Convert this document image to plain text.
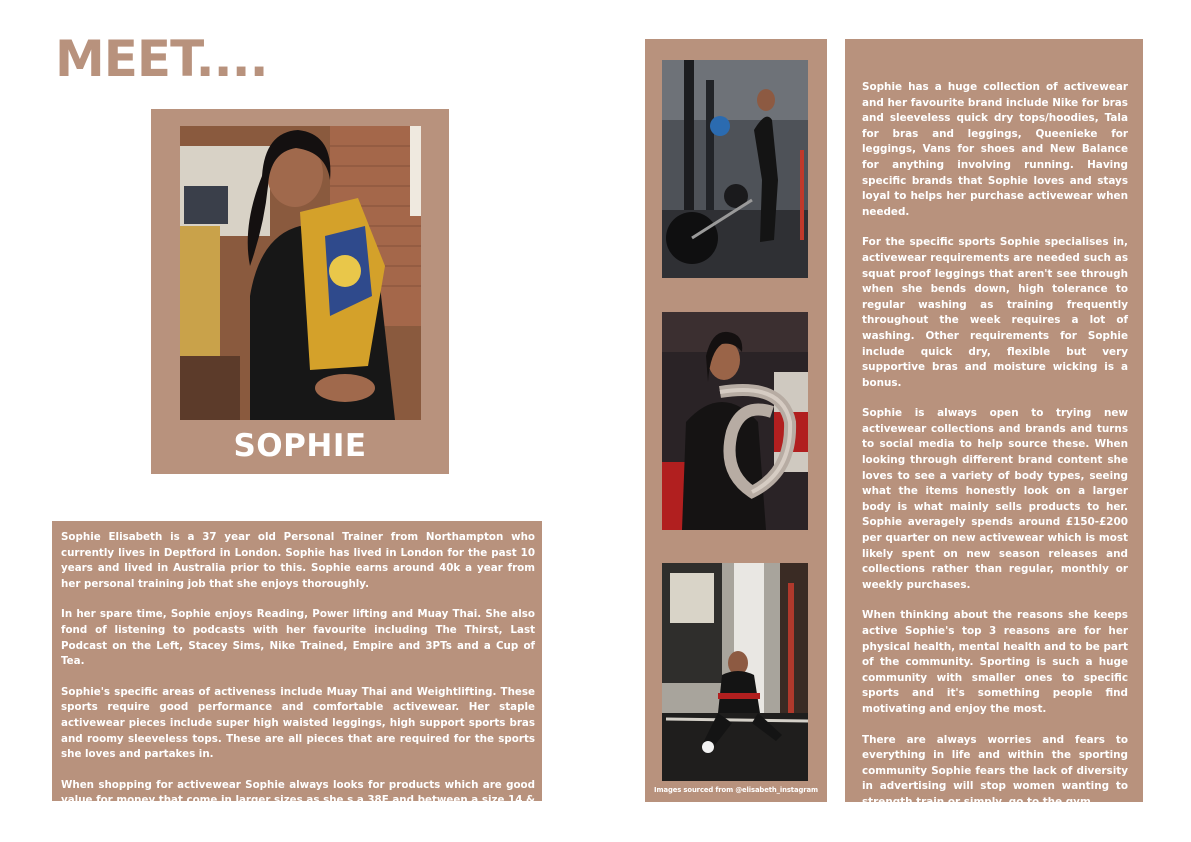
MEET....
SOPHIE

Sophie Elisabeth is a 37 year old Personal Trainer from Northampton who currently lives in Deptford in London. Sophie has lived in London for the past 10 years and lived in Australia prior to this. Sophie earns around 40k a year from her personal training job that she enjoys thoroughly.

In her spare time, Sophie enjoys Reading, Power lifting and Muay Thai. She also fond of listening to podcasts with her favourite including The Thirst, Last Podcast on the Left, Stacey Sims, Nike Trained, Empire and 3PTs and a Cup of Tea.

Sophie's specific areas of activeness include Muay Thai and Weightlifting. These sports require good performance and comfortable activewear. Her staple activewear pieces include super high waisted leggings, high support sports bras and roomy sleeveless tops. These are all pieces that are required for the sports she loves and partakes in.

When shopping for activewear Sophie always looks for products which are good value for money that come in larger sizes as she s a 38E and between a size 14 & 18. Sophie's waist is a lot smaller than her hips/bum so looks for pieces that fit this well.

Images sourced from @elisabeth_instagram

Sophie has a huge collection of activewear and her favourite brand include Nike for bras and sleeveless quick dry tops/hoodies, Tala for bras and leggings, Queenieke for leggings, Vans for shoes and New Balance for anything involving running. Having specific brands that Sophie loves and stays loyal to helps her purchase activewear when needed.

For the specific sports Sophie specialises in, activewear requirements are needed such as squat proof leggings that aren't see through when she bends down, high tolerance to regular washing as training frequently throughout the week requires a lot of washing. Other requirements for Sophie include quick dry, flexible but very supportive bras and moisture wicking is a bonus.

Sophie is always open to trying new activewear collections and brands and turns to social media to help source these. When looking through different brand content she loves to see a variety of body types, seeing what the items honestly look on a larger body is what mainly sells products to her. Sophie averagely spends around £150-£200 per quarter on new activewear which is most likely spent on new season releases and collections rather than regular, monthly or weekly purchases.

When thinking about the reasons she keeps active Sophie's top 3 reasons are for her physical health, mental health and to be part of the community. Sporting is such a huge community with smaller ones to specific sports and it's something people find motivating and enjoy the most.

There are always worries and fears to everything in life and within the sporting community Sophie fears the lack of diversity in advertising will stop women wanting to strength train or simply, go to the gym.
